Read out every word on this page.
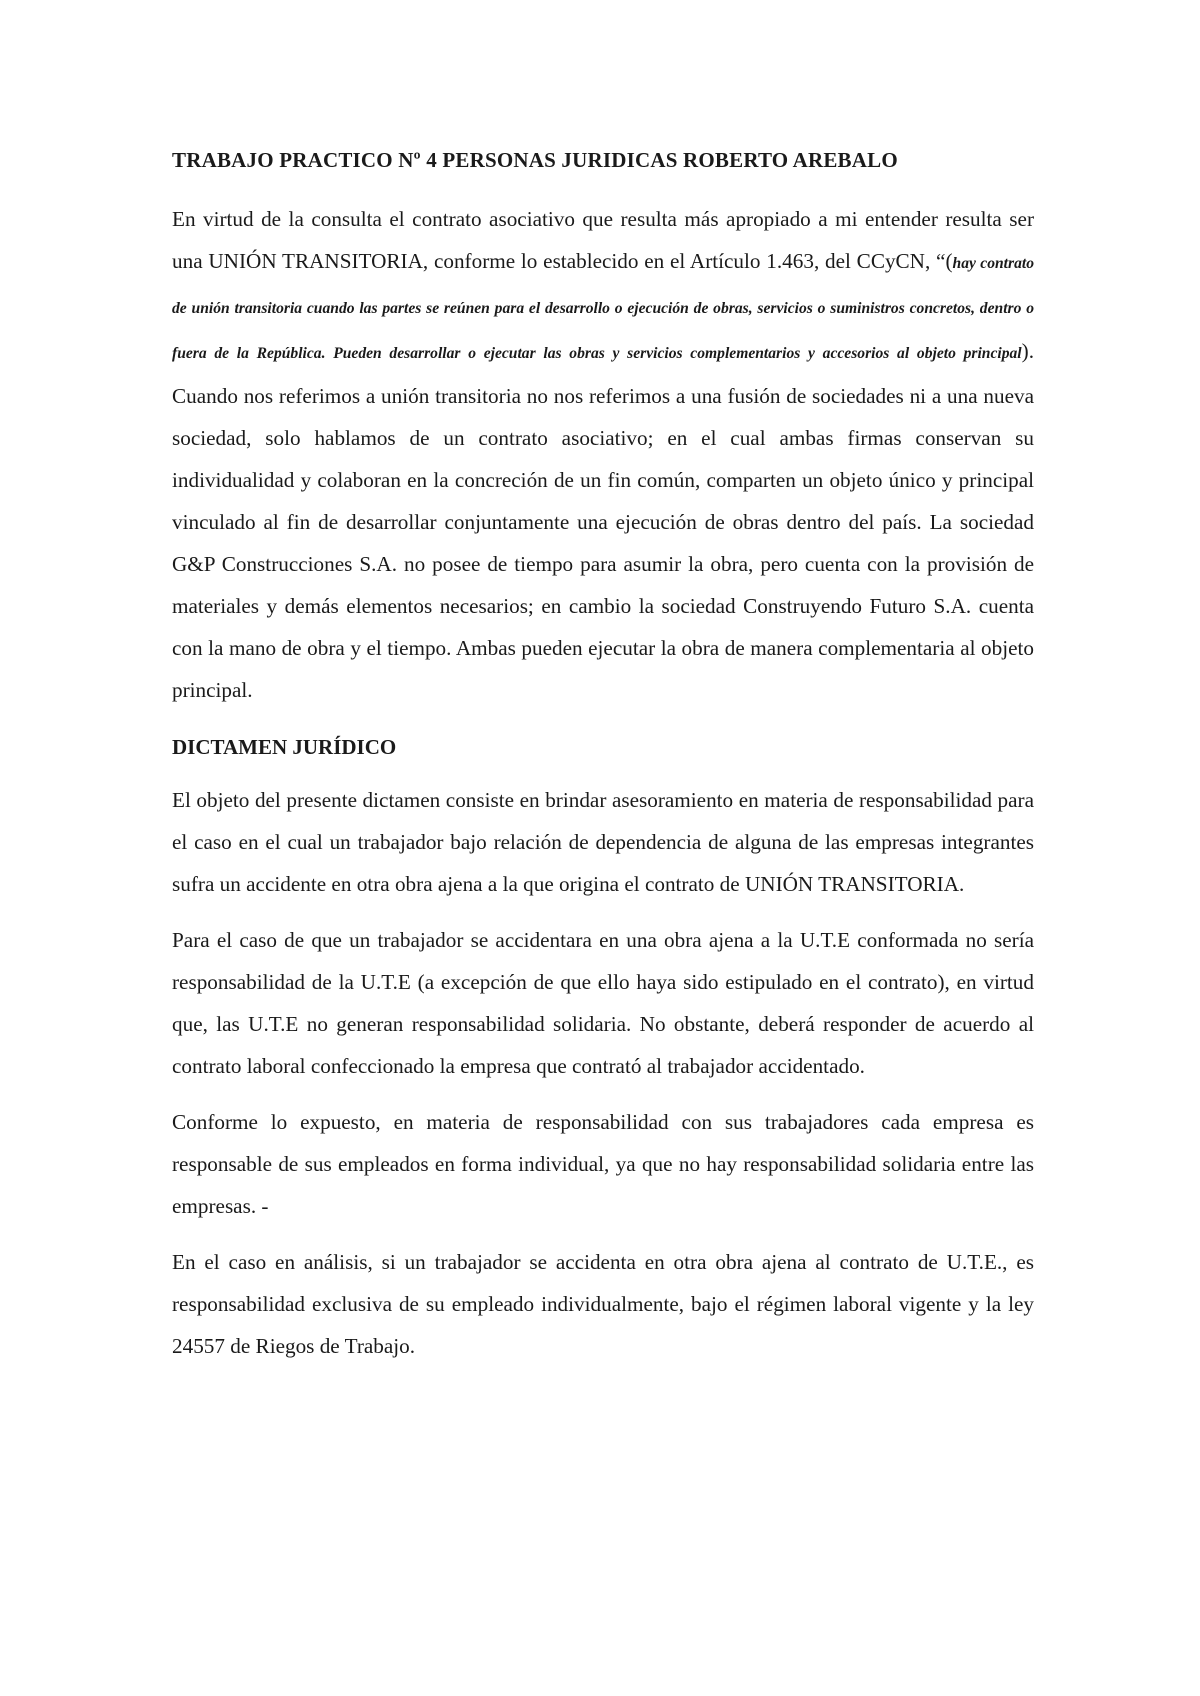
TRABAJO PRACTICO Nº 4 PERSONAS JURIDICAS ROBERTO AREBALO

En virtud de la consulta el contrato asociativo que resulta más apropiado a mi entender resulta ser una UNIÓN TRANSITORIA, conforme lo establecido en el Artículo 1.463, del CCyCN, “(hay contrato de unión transitoria cuando las partes se reúnen para el desarrollo o ejecución de obras, servicios o suministros concretos, dentro o fuera de la República. Pueden desarrollar o ejecutar las obras y servicios complementarios y accesorios al objeto principal). Cuando nos referimos a unión transitoria no nos referimos a una fusión de sociedades ni a una nueva sociedad, solo hablamos de un contrato asociativo; en el cual ambas firmas conservan su individualidad y colaboran en la concreción de un fin común, comparten un objeto único y principal vinculado al fin de desarrollar conjuntamente una ejecución de obras dentro del país. La sociedad G&P Construcciones S.A. no posee de tiempo para asumir la obra, pero cuenta con la provisión de materiales y demás elementos necesarios; en cambio la sociedad Construyendo Futuro S.A. cuenta con la mano de obra y el tiempo. Ambas pueden ejecutar la obra de manera complementaria al objeto principal.

DICTAMEN JURÍDICO

El objeto del presente dictamen consiste en brindar asesoramiento en materia de responsabilidad para el caso en el cual un trabajador bajo relación de dependencia de alguna de las empresas integrantes sufra un accidente en otra obra ajena a la que origina el contrato de UNIÓN TRANSITORIA.

Para el caso de que un trabajador se accidentara en una obra ajena a la U.T.E conformada no sería responsabilidad de la U.T.E (a excepción de que ello haya sido estipulado en el contrato), en virtud que, las U.T.E no generan responsabilidad solidaria. No obstante, deberá responder de acuerdo al contrato laboral confeccionado la empresa que contrató al trabajador accidentado.

Conforme lo expuesto, en materia de responsabilidad con sus trabajadores cada empresa es responsable de sus empleados en forma individual, ya que no hay responsabilidad solidaria entre las empresas. -

En el caso en análisis, si un trabajador se accidenta en otra obra ajena al contrato de U.T.E., es responsabilidad exclusiva de su empleado individualmente, bajo el régimen laboral vigente y la ley 24557 de Riegos de Trabajo.
